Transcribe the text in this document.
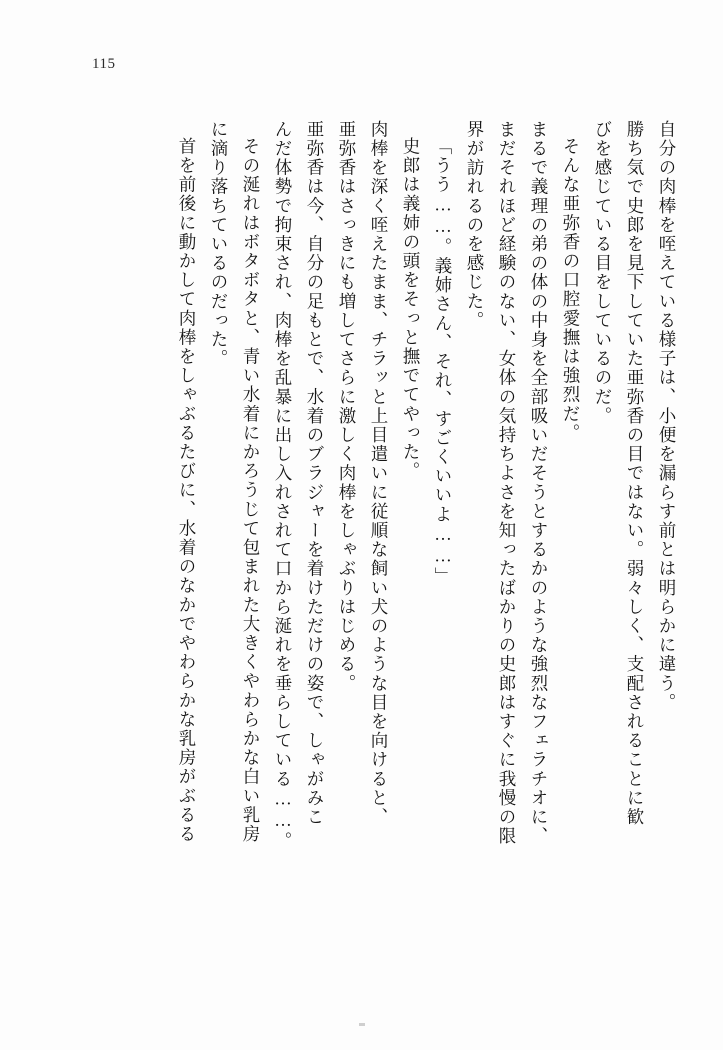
115
自分の肉棒を咥えている様子は、小便を漏らす前とは明らかに違う。
勝ち気で史郎を見下していた亜弥香の目ではない。弱々しく、支配されることに歓
びを感じている目をしているのだ。
そんな亜弥香の口腔愛撫は強烈だ。
まるで義理の弟の体の中身を全部吸いだそうとするかのような強烈なフェラチオに、
まだそれほど経験のない、女体の気持ちよさを知ったばかりの史郎はすぐに我慢の限
界が訪れるのを感じた。
「うう……。義姉さん、それ、すごくいいよ……」
史郎は義姉の頭をそっと撫でてやった。
肉棒を深く咥えたまま、チラッと上目遣いに従順な飼い犬のような目を向けると、
亜弥香はさっきにも増してさらに激しく肉棒をしゃぶりはじめる。
亜弥香は今、自分の足もとで、水着のブラジャーを着けただけの姿で、しゃがみこ
んだ体勢で拘束され、肉棒を乱暴に出し入れされて口から涎れを垂らしている……。
その涎れはボタボタと、青い水着にかろうじて包まれた大きくやわらかな白い乳房
に滴り落ちているのだった。
首を前後に動かして肉棒をしゃぶるたびに、水着のなかでやわらかな乳房がぶるる
